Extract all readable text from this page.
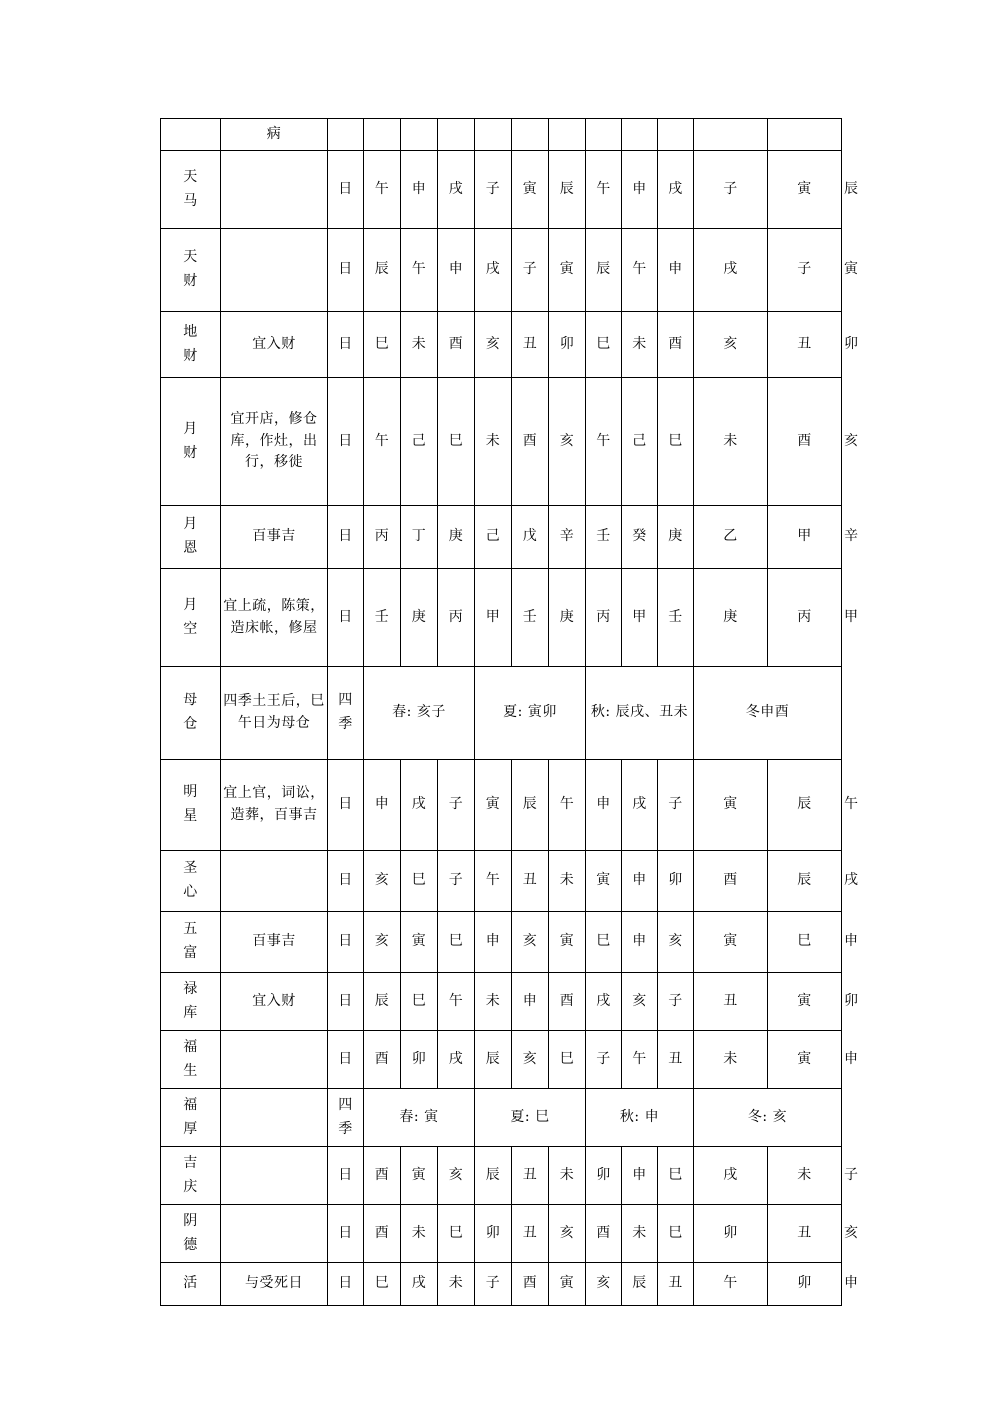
	病													

天
马		日	午	申	戌	子	寅	辰	午	申	戌	子	寅	辰

天
财		日	辰	午	申	戌	子	寅	辰	午	申	戌	子	寅

地
财	宜入财	日	巳	未	酉	亥	丑	卯	巳	未	酉	亥	丑	卯

月
财	宜开店，修仓库，作灶，出行，移徙	日	午	己	巳	未	酉	亥	午	己	巳	未	酉	亥

月
恩	百事吉	日	丙	丁	庚	己	戊	辛	壬	癸	庚	乙	甲	辛

月
空	宜上疏，陈策，造床帐，修屋	日	壬	庚	丙	甲	壬	庚	丙	甲	壬	庚	丙	甲

母
仓	四季土王后，巳午日为母仓	四
季	春: 亥子			夏: 寅卯			秋: 辰戌、丑未			冬申酉		

明
星	宜上官，词讼，造葬，百事吉	日	申	戌	子	寅	辰	午	申	戌	子	寅	辰	午

圣
心		日	亥	巳	子	午	丑	未	寅	申	卯	酉	辰	戌

五
富	百事吉	日	亥	寅	巳	申	亥	寅	巳	申	亥	寅	巳	申

禄
库	宜入财	日	辰	巳	午	未	申	酉	戌	亥	子	丑	寅	卯

福
生		日	酉	卯	戌	辰	亥	巳	子	午	丑	未	寅	申

福
厚		四
季	春: 寅			夏: 巳			秋: 申			冬: 亥		

吉
庆		日	酉	寅	亥	辰	丑	未	卯	申	巳	戌	未	子

阴
德		日	酉	未	巳	卯	丑	亥	酉	未	巳	卯	丑	亥

活	与受死日	日	巳	戌	未	子	酉	寅	亥	辰	丑	午	卯	申
